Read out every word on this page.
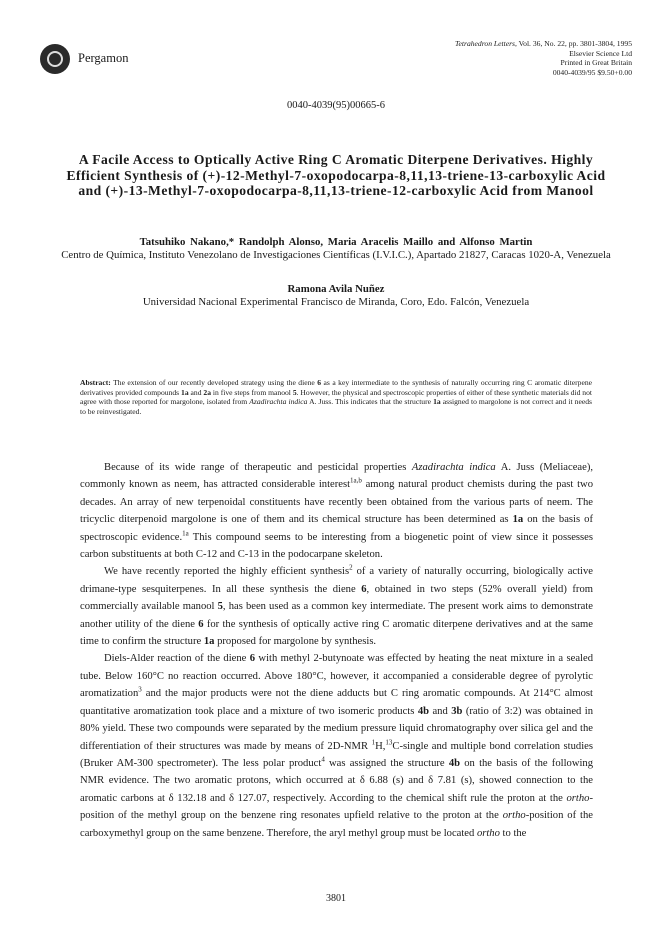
Pergamon
Tetrahedron Letters, Vol. 36, No. 22, pp. 3801-3804, 1995
Elsevier Science Ltd
Printed in Great Britain
0040-4039/95 $9.50+0.00
0040-4039(95)00665-6
A Facile Access to Optically Active Ring C Aromatic Diterpene Derivatives. Highly Efficient Synthesis of (+)-12-Methyl-7-oxopodocarpa-8,11,13-triene-13-carboxylic Acid and (+)-13-Methyl-7-oxopodocarpa-8,11,13-triene-12-carboxylic Acid from Manool
Tatsuhiko Nakano,* Randolph Alonso, Maria Aracelis Maillo and Alfonso Martin
Centro de Química, Instituto Venezolano de Investigaciones Científicas (I.V.I.C.), Apartado 21827, Caracas 1020-A, Venezuela
Ramona Avila Nuñez
Universidad Nacional Experimental Francisco de Miranda, Coro, Edo. Falcón, Venezuela
Abstract: The extension of our recently developed strategy using the diene 6 as a key intermediate to the synthesis of naturally occurring ring C aromatic diterpene derivatives provided compounds 1a and 2a in five steps from manool 5. However, the physical and spectroscopic properties of either of these synthetic materials did not agree with those reported for margolone, isolated from Azadirachta indica A. Juss. This indicates that the structure 1a assigned to margolone is not correct and it needs to be reinvestigated.

Because of its wide range of therapeutic and pesticidal properties Azadirachta indica A. Juss (Meliaceae), commonly known as neem, has attracted considerable interest$^{1a,b}$ among natural product chemists during the past two decades. An array of new terpenoidal constituents have recently been obtained from the various parts of neem. The tricyclic diterpenoid margolone is one of them and its chemical structure has been determined as 1a on the basis of spectroscopic evidence.$^{1a}$ This compound seems to be interesting from a biogenetic point of view since it possesses carbon substituents at both C-12 and C-13 in the podocarpane skeleton.

We have recently reported the highly efficient synthesis$^2$ of a variety of naturally occurring, biologically active drimane-type sesquiterpenes. In all these synthesis the diene 6, obtained in two steps (52% overall yield) from commercially available manool 5, has been used as a common key intermediate. The present work aims to demonstrate another utility of the diene 6 for the synthesis of optically active ring C aromatic diterpene derivatives and at the same time to confirm the structure 1a proposed for margolone by synthesis.

Diels-Alder reaction of the diene 6 with methyl 2-butynoate was effected by heating the neat mixture in a sealed tube. Below 160°C no reaction occurred. Above 180°C, however, it accompanied a considerable degree of pyrolytic aromatization$^3$ and the major products were not the diene adducts but C ring aromatic compounds. At 214°C almost quantitative aromatization took place and a mixture of two isomeric products 4b and 3b (ratio of 3:2) was obtained in 80% yield. These two compounds were separated by the medium pressure liquid chromatography over silica gel and the differentiation of their structures was made by means of 2D-NMR $^1$H,$^{13}$C-single and multiple bond correlation studies (Bruker AM-300 spectrometer). The less polar product$^4$ was assigned the structure 4b on the basis of the following NMR evidence. The two aromatic protons, which occurred at δ 6.88 (s) and δ 7.81 (s), showed connection to the aromatic carbons at δ 132.18 and δ 127.07, respectively. According to the chemical shift rule the proton at the ortho-position of the methyl group on the benzene ring resonates upfield relative to the proton at the ortho-position of the carboxymethyl group on the same benzene. Therefore, the aryl methyl group must be located ortho to the

3801
